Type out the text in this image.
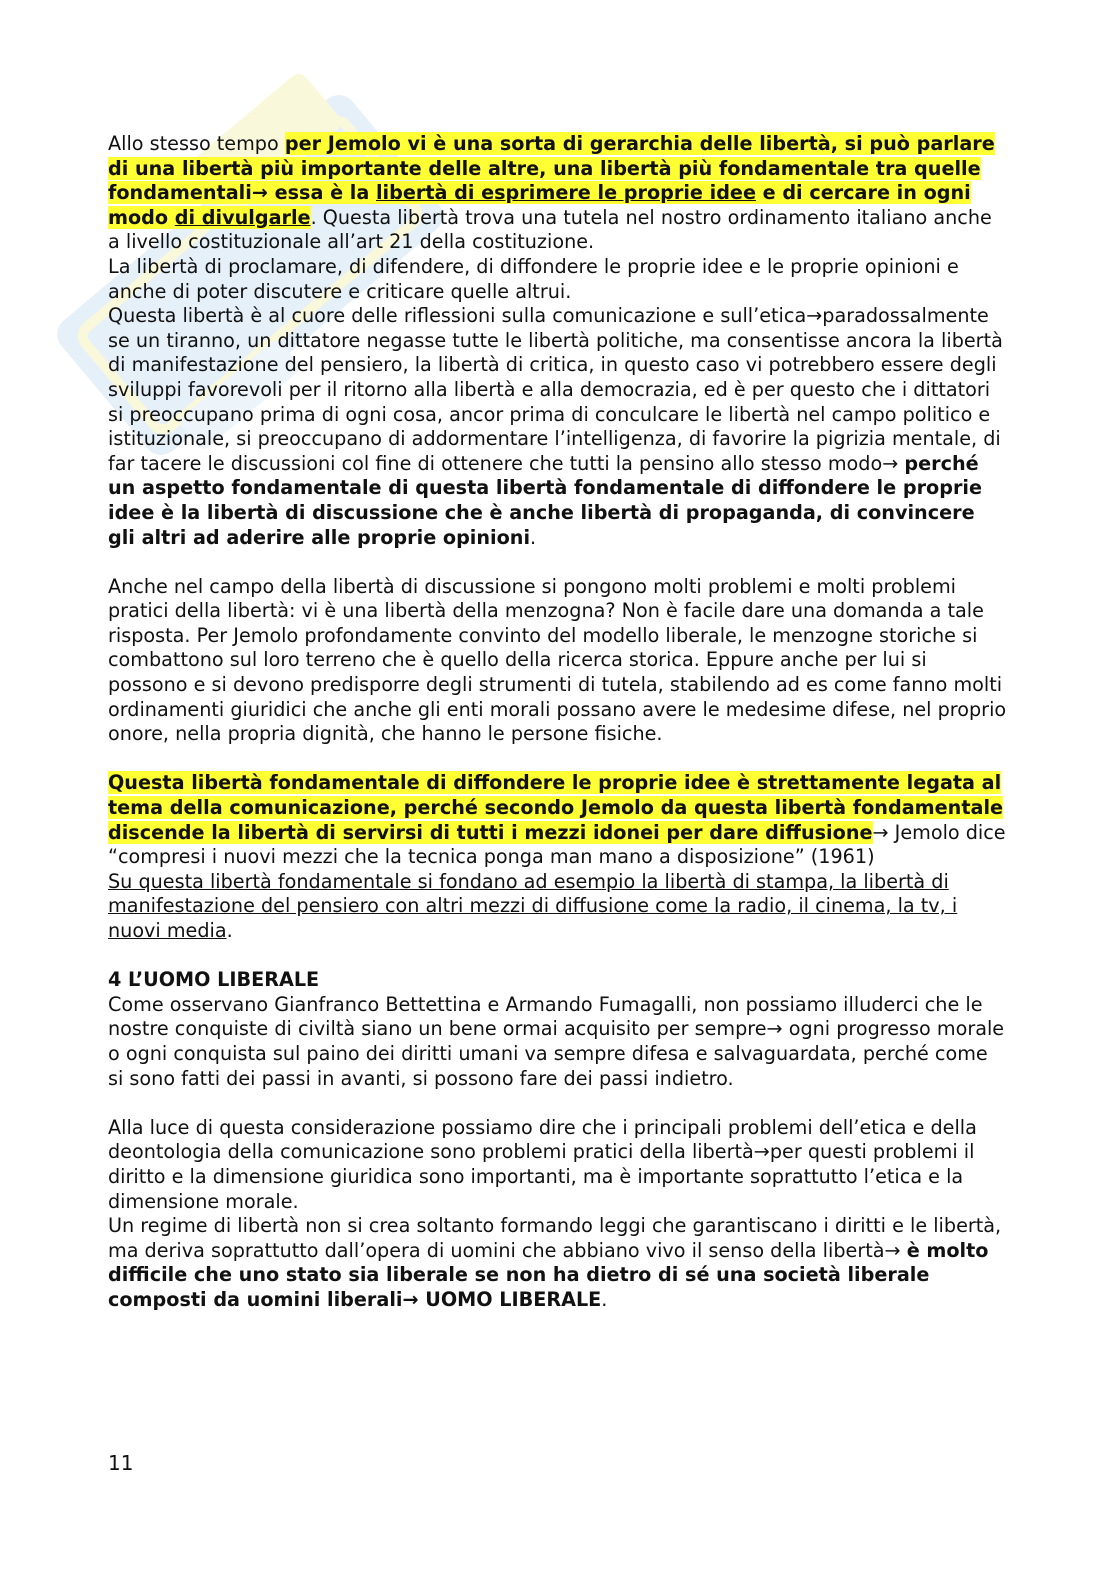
Allo stesso tempo per Jemolo vi è una sorta di gerarchia delle libertà, si può parlare di una libertà più importante delle altre, una libertà più fondamentale tra quelle fondamentali→ essa è la libertà di esprimere le proprie idee e di cercare in ogni modo di divulgarle. Questa libertà trova una tutela nel nostro ordinamento italiano anche a livello costituzionale all’art 21 della costituzione.

La libertà di proclamare, di difendere, di diffondere le proprie idee e le proprie opinioni e anche di poter discutere e criticare quelle altrui.

Questa libertà è al cuore delle riflessioni sulla comunicazione e sull’etica→paradossalmente se un tiranno, un dittatore negasse tutte le libertà politiche, ma consentisse ancora la libertà di manifestazione del pensiero, la libertà di critica, in questo caso vi potrebbero essere degli sviluppi favorevoli per il ritorno alla libertà e alla democrazia, ed è per questo che i dittatori si preoccupano prima di ogni cosa, ancor prima di conculcare le libertà nel campo politico e istituzionale, si preoccupano di addormentare l’intelligenza, di favorire la pigrizia mentale, di far tacere le discussioni col fine di ottenere che tutti la pensino allo stesso modo→ perché un aspetto fondamentale di questa libertà fondamentale di diffondere le proprie idee è la libertà di discussione che è anche libertà di propaganda, di convincere gli altri ad aderire alle proprie opinioni.

Anche nel campo della libertà di discussione si pongono molti problemi e molti problemi pratici della libertà: vi è una libertà della menzogna? Non è facile dare una domanda a tale risposta. Per Jemolo profondamente convinto del modello liberale, le menzogne storiche si combattono sul loro terreno che è quello della ricerca storica. Eppure anche per lui si possono e si devono predisporre degli strumenti di tutela, stabilendo ad es come fanno molti ordinamenti giuridici che anche gli enti morali possano avere le medesime difese, nel proprio onore, nella propria dignità, che hanno le persone fisiche.

Questa libertà fondamentale di diffondere le proprie idee è strettamente legata al tema della comunicazione, perché secondo Jemolo da questa libertà fondamentale discende la libertà di servirsi di tutti i mezzi idonei per dare diffusione→ Jemolo dice “compresi i nuovi mezzi che la tecnica ponga man mano a disposizione” (1961)

Su questa libertà fondamentale si fondano ad esempio la libertà di stampa, la libertà di manifestazione del pensiero con altri mezzi di diffusione come la radio, il cinema, la tv, i nuovi media.

4 L’UOMO LIBERALE

Come osservano Gianfranco Bettettina e Armando Fumagalli, non possiamo illuderci che le nostre conquiste di civiltà siano un bene ormai acquisito per sempre→ ogni progresso morale o ogni conquista sul paino dei diritti umani va sempre difesa e salvaguardata, perché come si sono fatti dei passi in avanti, si possono fare dei passi indietro.

Alla luce di questa considerazione possiamo dire che i principali problemi dell’etica e della deontologia della comunicazione sono problemi pratici della libertà→per questi problemi il diritto e la dimensione giuridica sono importanti, ma è importante soprattutto l’etica e la dimensione morale.

Un regime di libertà non si crea soltanto formando leggi che garantiscano i diritti e le libertà, ma deriva soprattutto dall’opera di uomini che abbiano vivo il senso della libertà→ è molto difficile che uno stato sia liberale se non ha dietro di sé una società liberale composti da uomini liberali→ UOMO LIBERALE.

11
